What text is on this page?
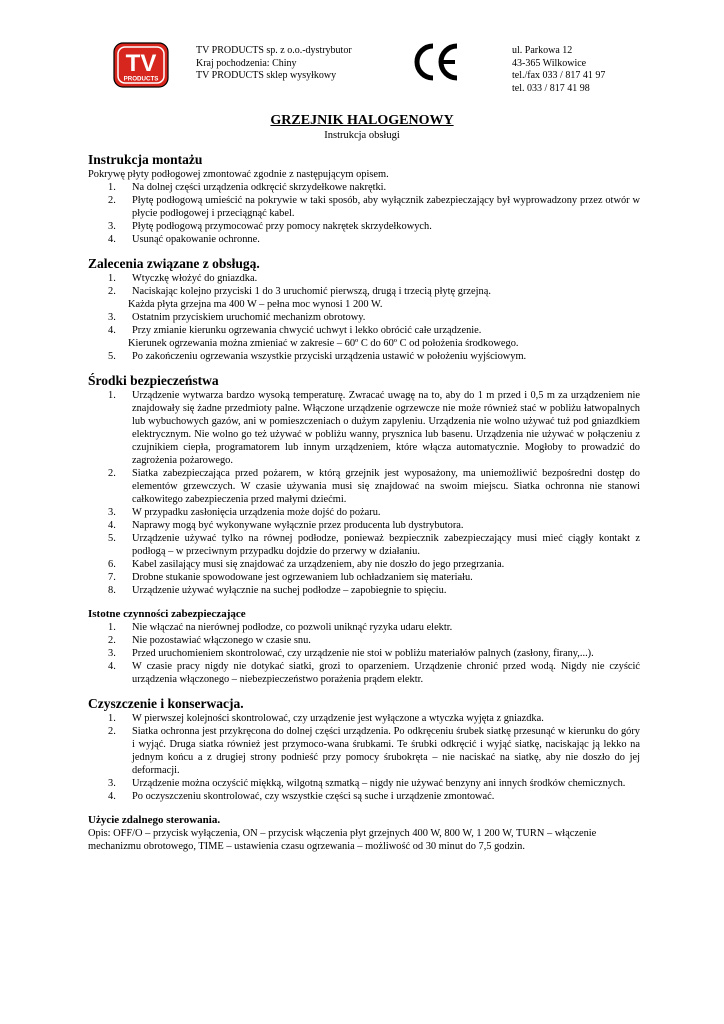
TV
PRODUCTS
TV PRODUCTS sp. z o.o.-dystrybutor
Kraj pochodzenia: Chiny
TV PRODUCTS sklep wysyłkowy
ul. Parkowa 12
43-365 Wilkowice
tel./fax 033 / 817 41 97
tel. 033 / 817 41 98
GRZEJNIK HALOGENOWY
Instrukcja obsługi
Instrukcja montażu

Pokrywę płyty podłogowej zmontować zgodnie z następującym opisem.

1. Na dolnej części urządzenia odkręcić skrzydełkowe nakrętki.
2. Płytę podłogową umieścić na pokrywie w taki sposób, aby wyłącznik zabezpieczający był wyprowadzony przez otwór w płycie podłogowej i przeciągnąć kabel.
3. Płytę podłogową przymocować przy pomocy nakrętek skrzydełkowych.
4. Usunąć opakowanie ochronne.
Zalecenia związane z obsługą.
1. Wtyczkę włożyć do gniazdka.
2. Naciskając kolejno przyciski 1 do 3 uruchomić pierwszą, drugą i trzecią płytę grzejną.

Każda płyta grzejna ma 400 W – pełna moc wynosi 1 200 W.

3. Ostatnim przyciskiem uruchomić mechanizm obrotowy.
4. Przy zmianie kierunku ogrzewania chwycić uchwyt i lekko obrócić całe urządzenie.

Kierunek ogrzewania można zmieniać w zakresie – 60º C do 60º C od położenia środkowego.

5. Po zakończeniu ogrzewania wszystkie przyciski urządzenia ustawić w położeniu wyjściowym.
Środki bezpieczeństwa
1. Urządzenie wytwarza bardzo wysoką temperaturę. Zwracać uwagę na to, aby do 1 m przed i 0,5 m za urządzeniem nie znajdowały się żadne przedmioty palne. Włączone urządzenie ogrzewcze nie może również stać w pobliżu łatwopalnych lub wybuchowych gazów, ani w pomieszczeniach o dużym zapyleniu. Urządzenia nie wolno używać tuż pod gniazdkiem elektrycznym. Nie wolno go też używać w pobliżu wanny, prysznica lub basenu. Urządzenia nie używać w połączeniu z czujnikiem ciepła, programatorem lub innym urządzeniem, które włącza automatycznie. Mogłoby to prowadzić do zagrożenia pożarowego.
2. Siatka zabezpieczająca przed pożarem, w którą grzejnik jest wyposażony, ma uniemożliwić bezpośredni dostęp do elementów grzewczych. W czasie używania musi się znajdować na swoim miejscu. Siatka ochronna nie stanowi całkowitego zabezpieczenia przed małymi dziećmi.
3. W przypadku zasłonięcia urządzenia może dojść do pożaru.
4. Naprawy mogą być wykonywane wyłącznie przez producenta lub dystrybutora.
5. Urządzenie używać tylko na równej podłodze, ponieważ bezpiecznik zabezpieczający musi mieć ciągły kontakt z podłogą – w przeciwnym przypadku dojdzie do przerwy w działaniu.
6. Kabel zasilający musi się znajdować za urządzeniem, aby nie doszło do jego przegrzania.
7. Drobne stukanie spowodowane jest ogrzewaniem lub ochładzaniem się materiału.
8. Urządzenie używać wyłącznie na suchej podłodze – zapobiegnie to spięciu.
Istotne czynności zabezpieczające
1. Nie włączać na nierównej podłodze, co pozwoli uniknąć ryzyka udaru elektr.
2. Nie pozostawiać włączonego w czasie snu.
3. Przed uruchomieniem skontrolować, czy urządzenie nie stoi w pobliżu materiałów palnych (zasłony, firany,...).
4. W czasie pracy nigdy nie dotykać siatki, grozi to oparzeniem. Urządzenie chronić przed wodą. Nigdy nie czyścić urządzenia włączonego – niebezpieczeństwo porażenia prądem elektr.
Czyszczenie i konserwacja.
1. W pierwszej kolejności skontrolować, czy urządzenie jest wyłączone a wtyczka wyjęta z gniazdka.
2. Siatka ochronna jest przykręcona do dolnej części urządzenia. Po odkręceniu śrubek siatkę przesunąć w kierunku do góry i wyjąć. Druga siatka również jest przymoco-wana śrubkami. Te śrubki odkręcić i wyjąć siatkę, naciskając ją lekko na jednym końcu a z drugiej strony podnieść przy pomocy śrubokręta – nie naciskać na siatkę, aby nie doszło do jej deformacji.
3. Urządzenie można oczyścić miękką, wilgotną szmatką – nigdy nie używać benzyny ani innych środków chemicznych.
4. Po oczyszczeniu skontrolować, czy wszystkie części są suche i urządzenie zmontować.
Użycie zdalnego sterowania.

Opis: OFF/O – przycisk wyłączenia, ON – przycisk włączenia płyt grzejnych 400 W, 800 W, 1 200 W, TURN – włączenie mechanizmu obrotowego, TIME – ustawienia czasu ogrzewania – możliwość od 30 minut do 7,5 godzin.
